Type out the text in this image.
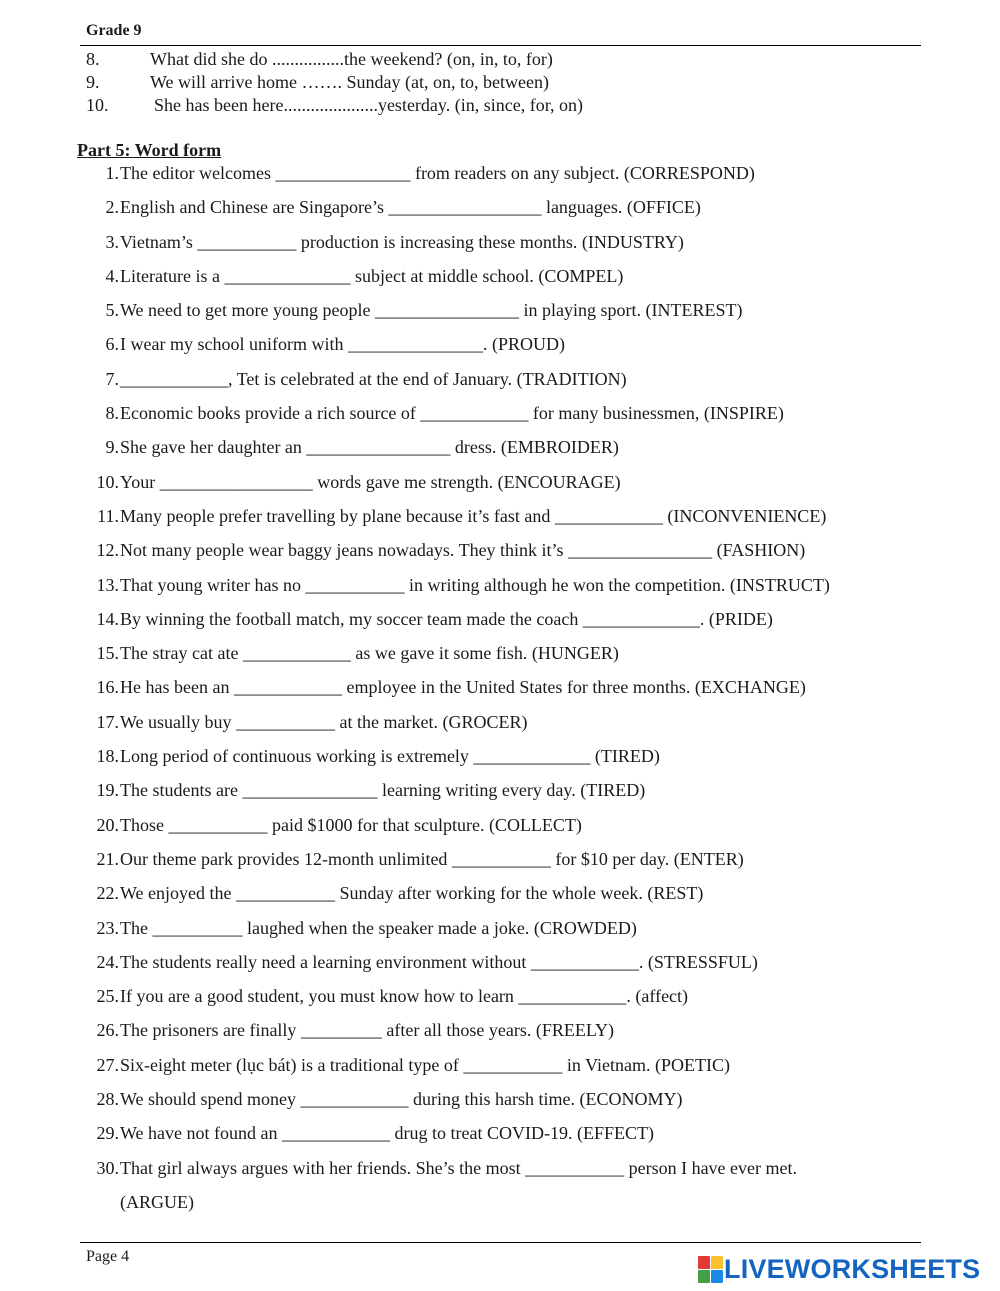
Grade 9
8.	What did she do ................the weekend? (on, in, to, for)
9.	We will arrive home ……. Sunday (at, on, to, between)
10.	She has been here.....................yesterday. (in, since, for, on)
Part 5: Word form
1. The editor welcomes _______________ from readers on any subject. (CORRESPOND)
2. English and Chinese are Singapore’s _________________ languages. (OFFICE)
3. Vietnam’s ___________ production is increasing these months. (INDUSTRY)
4. Literature is a ______________ subject at middle school. (COMPEL)
5. We need to get more young people ________________ in playing sport. (INTEREST)
6. I wear my school uniform with _______________. (PROUD)
7. ____________, Tet is celebrated at the end of January. (TRADITION)
8. Economic books provide a rich source of ____________ for many businessmen, (INSPIRE)
9. She gave her daughter an ________________ dress. (EMBROIDER)
10. Your _________________ words gave me strength. (ENCOURAGE)
11. Many people prefer travelling by plane because it’s fast and ____________ (INCONVENIENCE)
12. Not many people wear baggy jeans nowadays. They think it’s ________________ (FASHION)
13. That young writer has no ___________ in writing although he won the competition. (INSTRUCT)
14. By winning the football match, my soccer team made the coach _____________. (PRIDE)
15. The stray cat ate ____________ as we gave it some fish. (HUNGER)
16. He has been an ____________ employee in the United States for three months. (EXCHANGE)
17. We usually buy ___________ at the market. (GROCER)
18. Long period of continuous working is extremely _____________ (TIRED)
19. The students are _______________ learning writing every day. (TIRED)
20. Those ___________ paid $1000 for that sculpture. (COLLECT)
21. Our theme park provides 12-month unlimited ___________ for $10 per day. (ENTER)
22. We enjoyed the ___________ Sunday after working for the whole week. (REST)
23. The __________ laughed when the speaker made a joke. (CROWDED)
24. The students really need a learning environment without ____________. (STRESSFUL)
25. If you are a good student, you must know how to learn ____________. (affect)
26. The prisoners are finally _________ after all those years. (FREELY)
27. Six-eight meter (lục bát) is a traditional type of ___________ in Vietnam. (POETIC)
28. We should spend money ____________ during this harsh time. (ECONOMY)
29. We have not found an ____________ drug to treat COVID-19. (EFFECT)
30. That girl always argues with her friends. She’s the most ___________ person I have ever met.
(ARGUE)
Page 4	LIVEWORKSHEETS
